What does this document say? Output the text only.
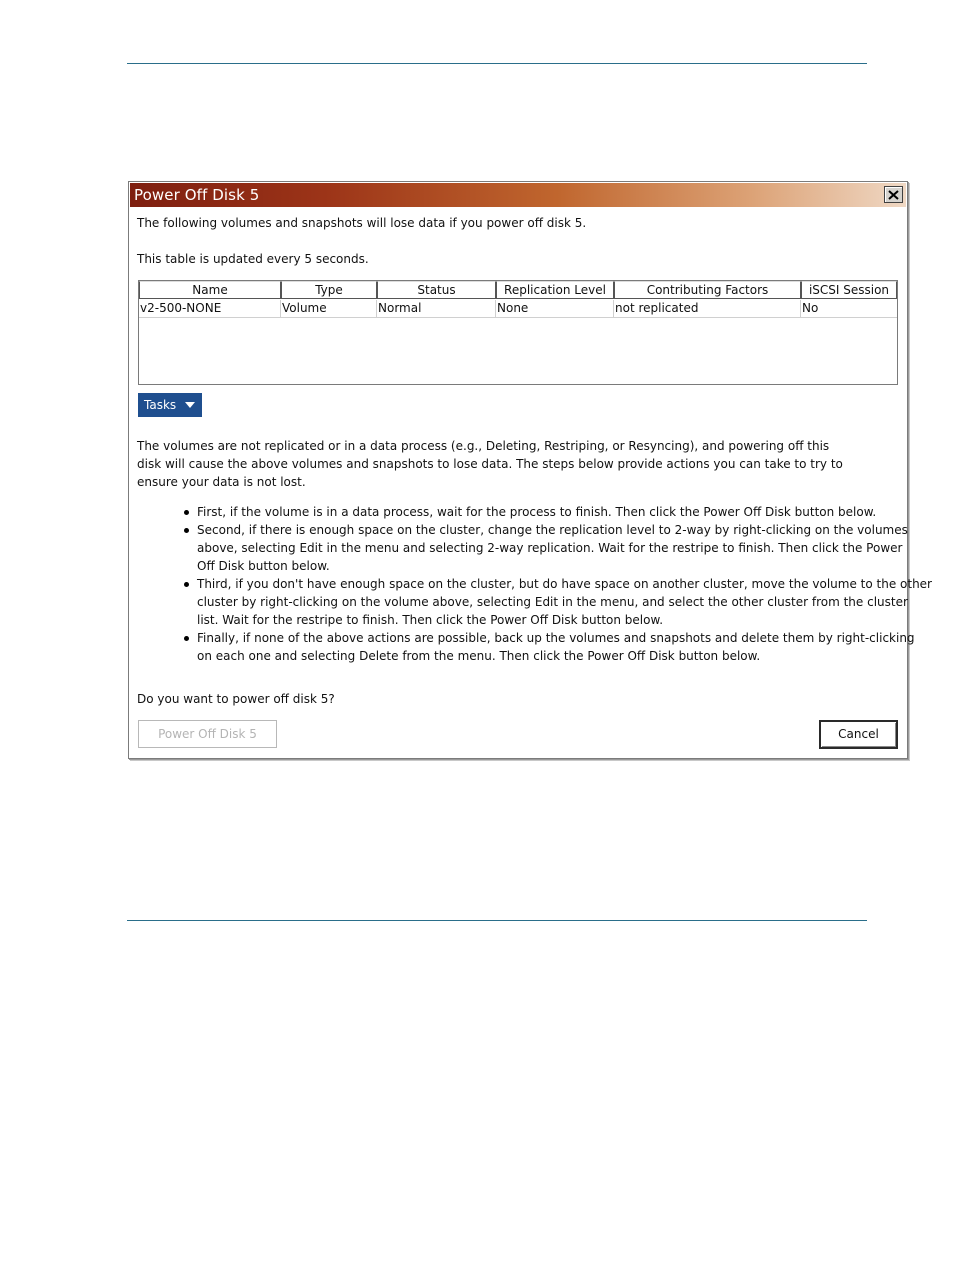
Power Off Disk 5
The following volumes and snapshots will lose data if you power off disk 5.
This table is updated every 5 seconds.
Name	Type	Status	Replication Level	Contributing Factors	iSCSI Session
v2-500-NONE	Volume	Normal	None	not replicated	No
Tasks
The volumes are not replicated or in a data process (e.g., Deleting, Restriping, or Resyncing), and powering off this
disk will cause the above volumes and snapshots to lose data. The steps below provide actions you can take to try to
ensure your data is not lost.
First, if the volume is in a data process, wait for the process to finish. Then click the Power Off Disk button below.
Second, if there is enough space on the cluster, change the replication level to 2-way by right-clicking on the volumes
above, selecting Edit in the menu and selecting 2-way replication. Wait for the restripe to finish. Then click the Power
Off Disk button below.
Third, if you don't have enough space on the cluster, but do have space on another cluster, move the volume to the other
cluster by right-clicking on the volume above, selecting Edit in the menu, and select the other cluster from the cluster
list. Wait for the restripe to finish. Then click the Power Off Disk button below.
Finally, if none of the above actions are possible, back up the volumes and snapshots and delete them by right-clicking
on each one and selecting Delete from the menu. Then click the Power Off Disk button below.
Do you want to power off disk 5?
Power Off Disk 5	Cancel
